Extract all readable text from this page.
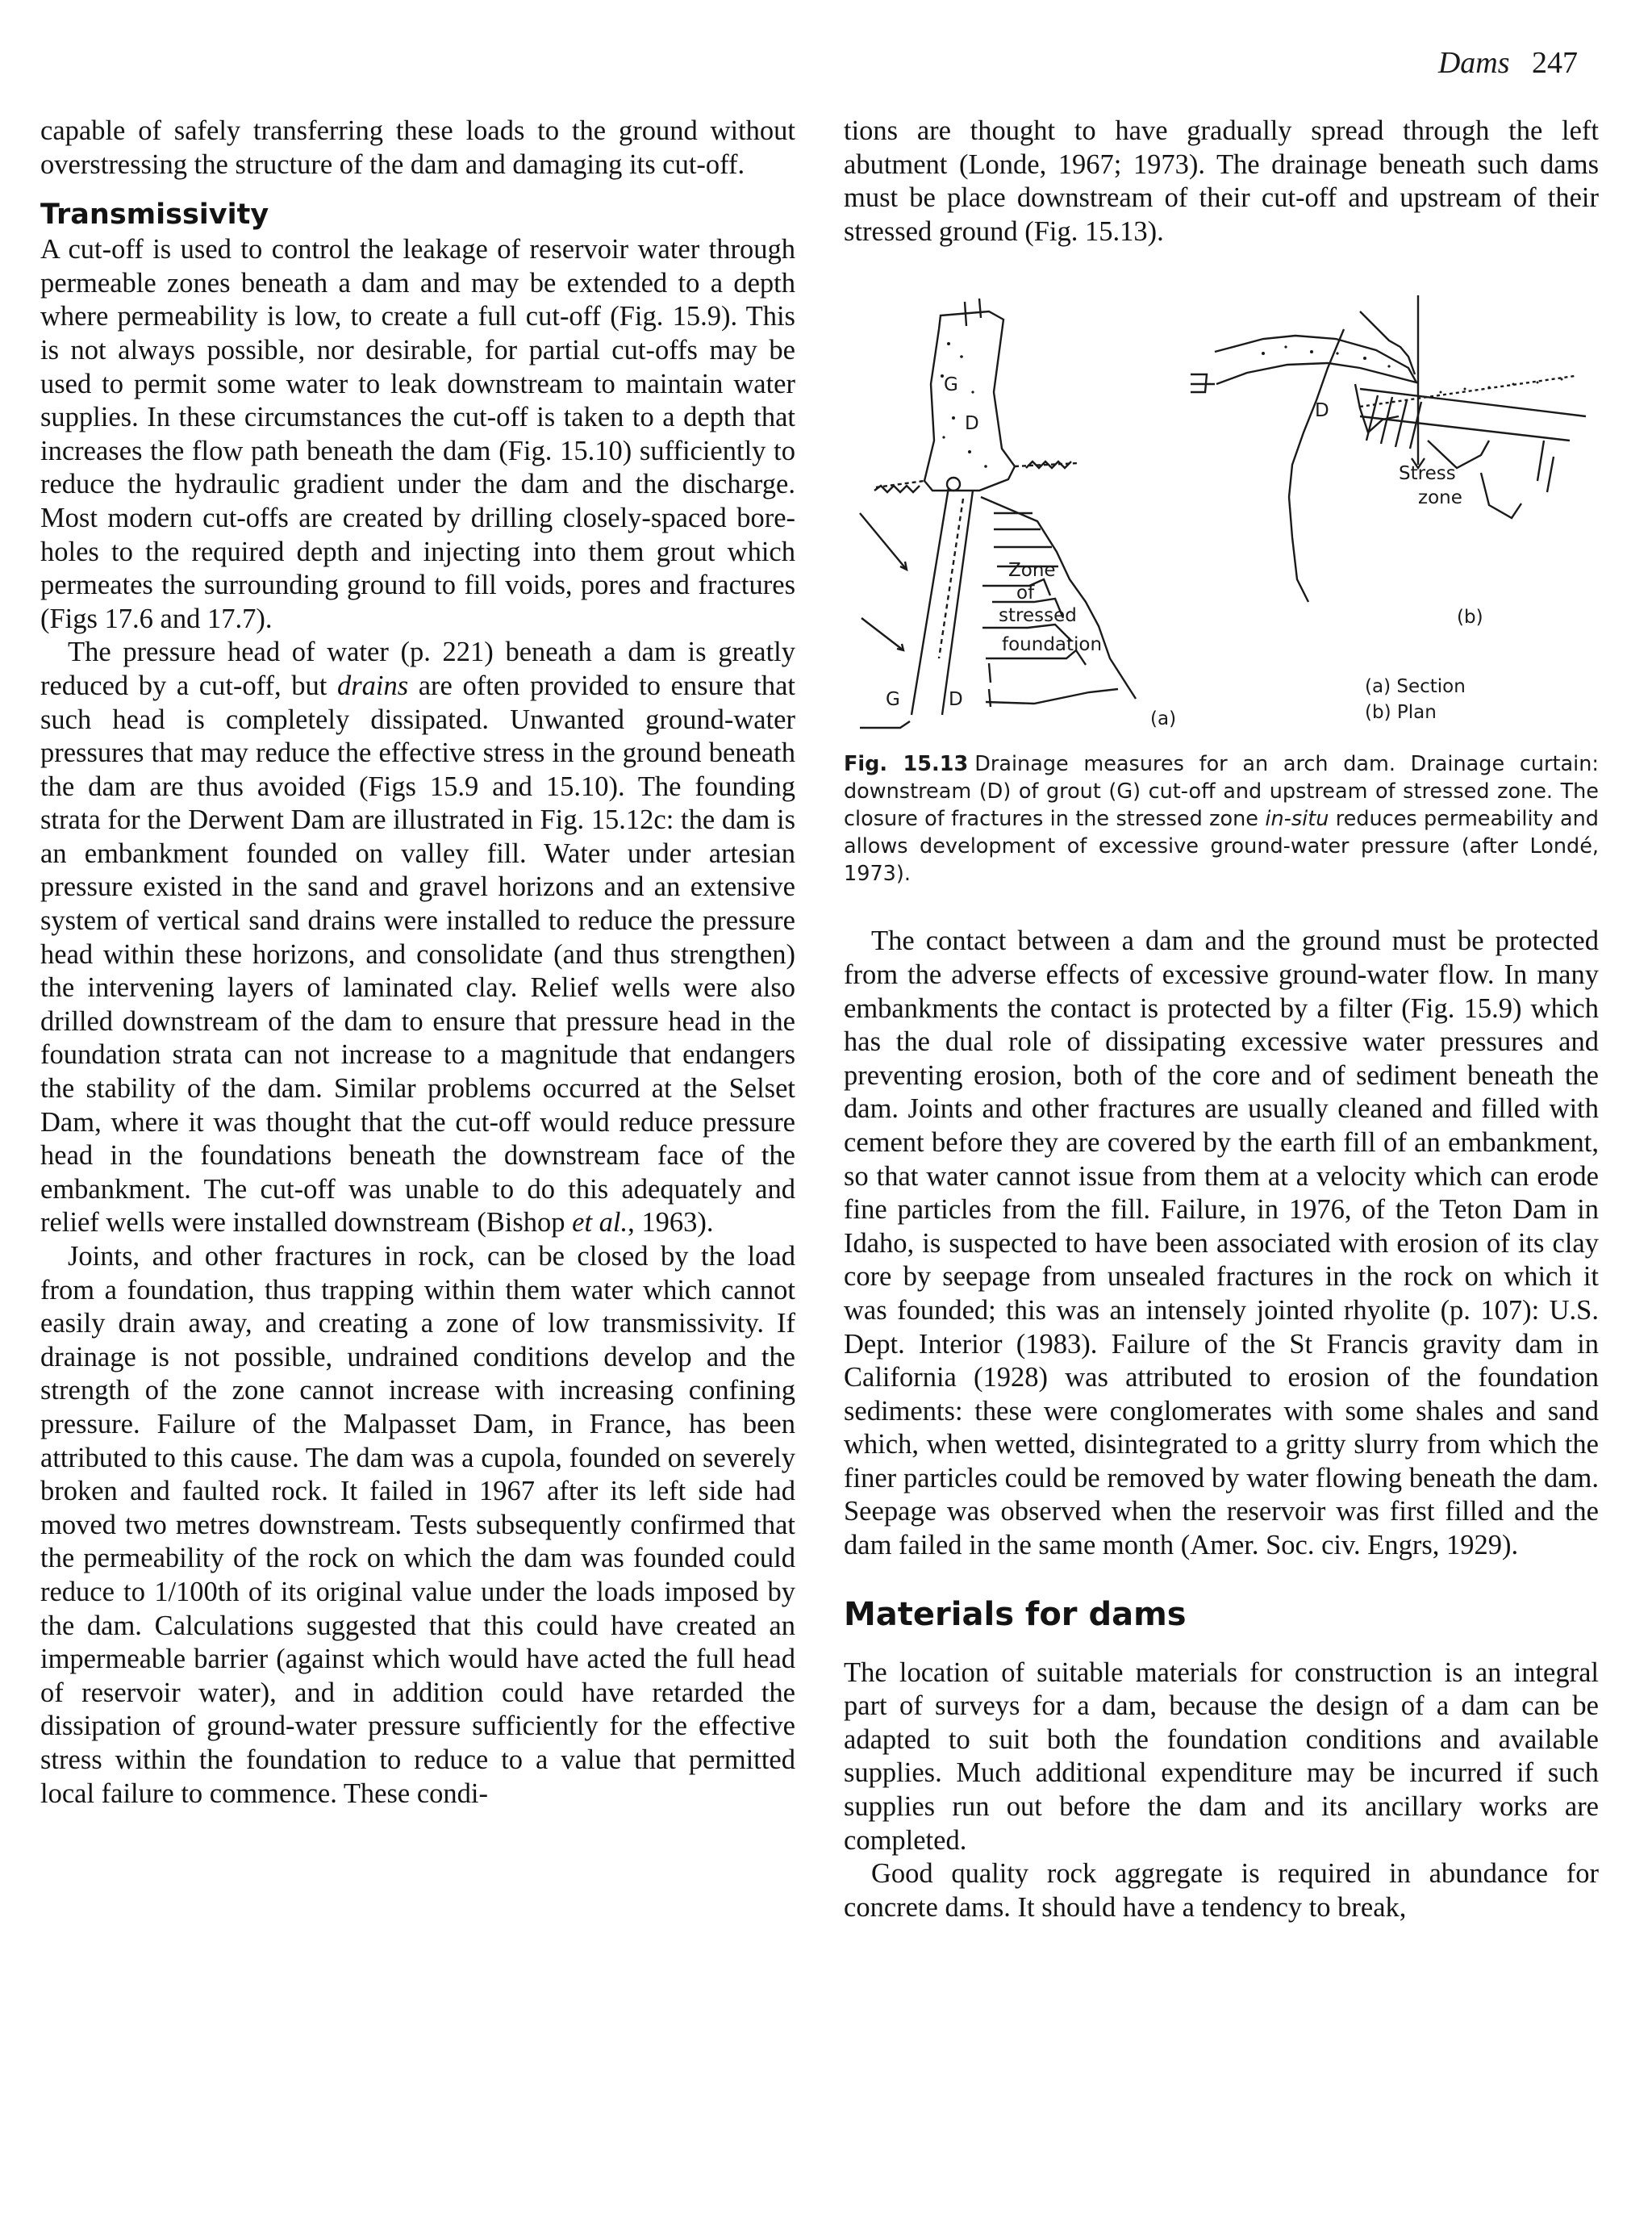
Dams 247

capable of safely transferring these loads to the ground without overstressing the structure of the dam and damaging its cut-off.

Transmissivity

A cut-off is used to control the leakage of reservoir water through permeable zones beneath a dam and may be extended to a depth where permeability is low, to create a full cut-off (Fig. 15.9). This is not always possible, nor desirable, for partial cut-offs may be used to permit some water to leak downstream to maintain water supplies. In these circumstances the cut-off is taken to a depth that increases the flow path beneath the dam (Fig. 15.10) sufficiently to reduce the hydraulic gradient under the dam and the discharge. Most modern cut-offs are created by drilling closely-spaced bore-holes to the required depth and injecting into them grout which permeates the surrounding ground to fill voids, pores and fractures (Figs 17.6 and 17.7).

The pressure head of water (p. 221) beneath a dam is greatly reduced by a cut-off, but drains are often provided to ensure that such head is completely dissipated. Unwanted ground-water pressures that may reduce the effective stress in the ground beneath the dam are thus avoided (Figs 15.9 and 15.10). The founding strata for the Derwent Dam are illustrated in Fig. 15.12c: the dam is an embankment founded on valley fill. Water under artesian pressure existed in the sand and gravel horizons and an extensive system of vertical sand drains were installed to reduce the pressure head within these horizons, and consolidate (and thus strengthen) the intervening layers of laminated clay. Relief wells were also drilled downstream of the dam to ensure that pressure head in the foundation strata can not increase to a magnitude that endangers the stability of the dam. Similar problems occurred at the Selset Dam, where it was thought that the cut-off would reduce pressure head in the foundations beneath the downstream face of the embankment. The cut-off was unable to do this adequately and relief wells were installed downstream (Bishop et al., 1963).

Joints, and other fractures in rock, can be closed by the load from a foundation, thus trapping within them water which cannot easily drain away, and creating a zone of low transmissivity. If drainage is not possible, undrained conditions develop and the strength of the zone cannot increase with increasing confining pressure. Failure of the Malpasset Dam, in France, has been attributed to this cause. The dam was a cupola, founded on severely broken and faulted rock. It failed in 1967 after its left side had moved two metres downstream. Tests subsequently confirmed that the permeability of the rock on which the dam was founded could reduce to 1/100th of its original value under the loads imposed by the dam. Calculations suggested that this could have created an impermeable barrier (against which would have acted the full head of reservoir water), and in addition could have retarded the dissipation of ground-water pressure sufficiently for the effective stress within the foundation to reduce to a value that permitted local failure to commence. These condi-

tions are thought to have gradually spread through the left abutment (Londe, 1967; 1973). The drainage beneath such dams must be place downstream of their cut-off and upstream of their stressed ground (Fig. 15.13).

G
D
Zone
of
stressed
foundation
G	D
(a)
D
Stress
zone
(b)
(a) Section
(b) Plan

Fig. 15.13 Drainage measures for an arch dam. Drainage curtain: downstream (D) of grout (G) cut-off and upstream of stressed zone. The closure of fractures in the stressed zone in-situ reduces permeability and allows development of excessive ground-water pressure (after Londé, 1973).

The contact between a dam and the ground must be protected from the adverse effects of excessive ground-water flow. In many embankments the contact is protected by a filter (Fig. 15.9) which has the dual role of dissipating excessive water pressures and preventing erosion, both of the core and of sediment beneath the dam. Joints and other fractures are usually cleaned and filled with cement before they are covered by the earth fill of an embankment, so that water cannot issue from them at a velocity which can erode fine particles from the fill. Failure, in 1976, of the Teton Dam in Idaho, is suspected to have been associated with erosion of its clay core by seepage from unsealed fractures in the rock on which it was founded; this was an intensely jointed rhyolite (p. 107): U.S. Dept. Interior (1983). Failure of the St Francis gravity dam in California (1928) was attributed to erosion of the foundation sediments: these were conglomerates with some shales and sand which, when wetted, disintegrated to a gritty slurry from which the finer particles could be removed by water flowing beneath the dam. Seepage was observed when the reservoir was first filled and the dam failed in the same month (Amer. Soc. civ. Engrs, 1929).

Materials for dams

The location of suitable materials for construction is an integral part of surveys for a dam, because the design of a dam can be adapted to suit both the foundation conditions and available supplies. Much additional expenditure may be incurred if such supplies run out before the dam and its ancillary works are completed.

Good quality rock aggregate is required in abundance for concrete dams. It should have a tendency to break,
